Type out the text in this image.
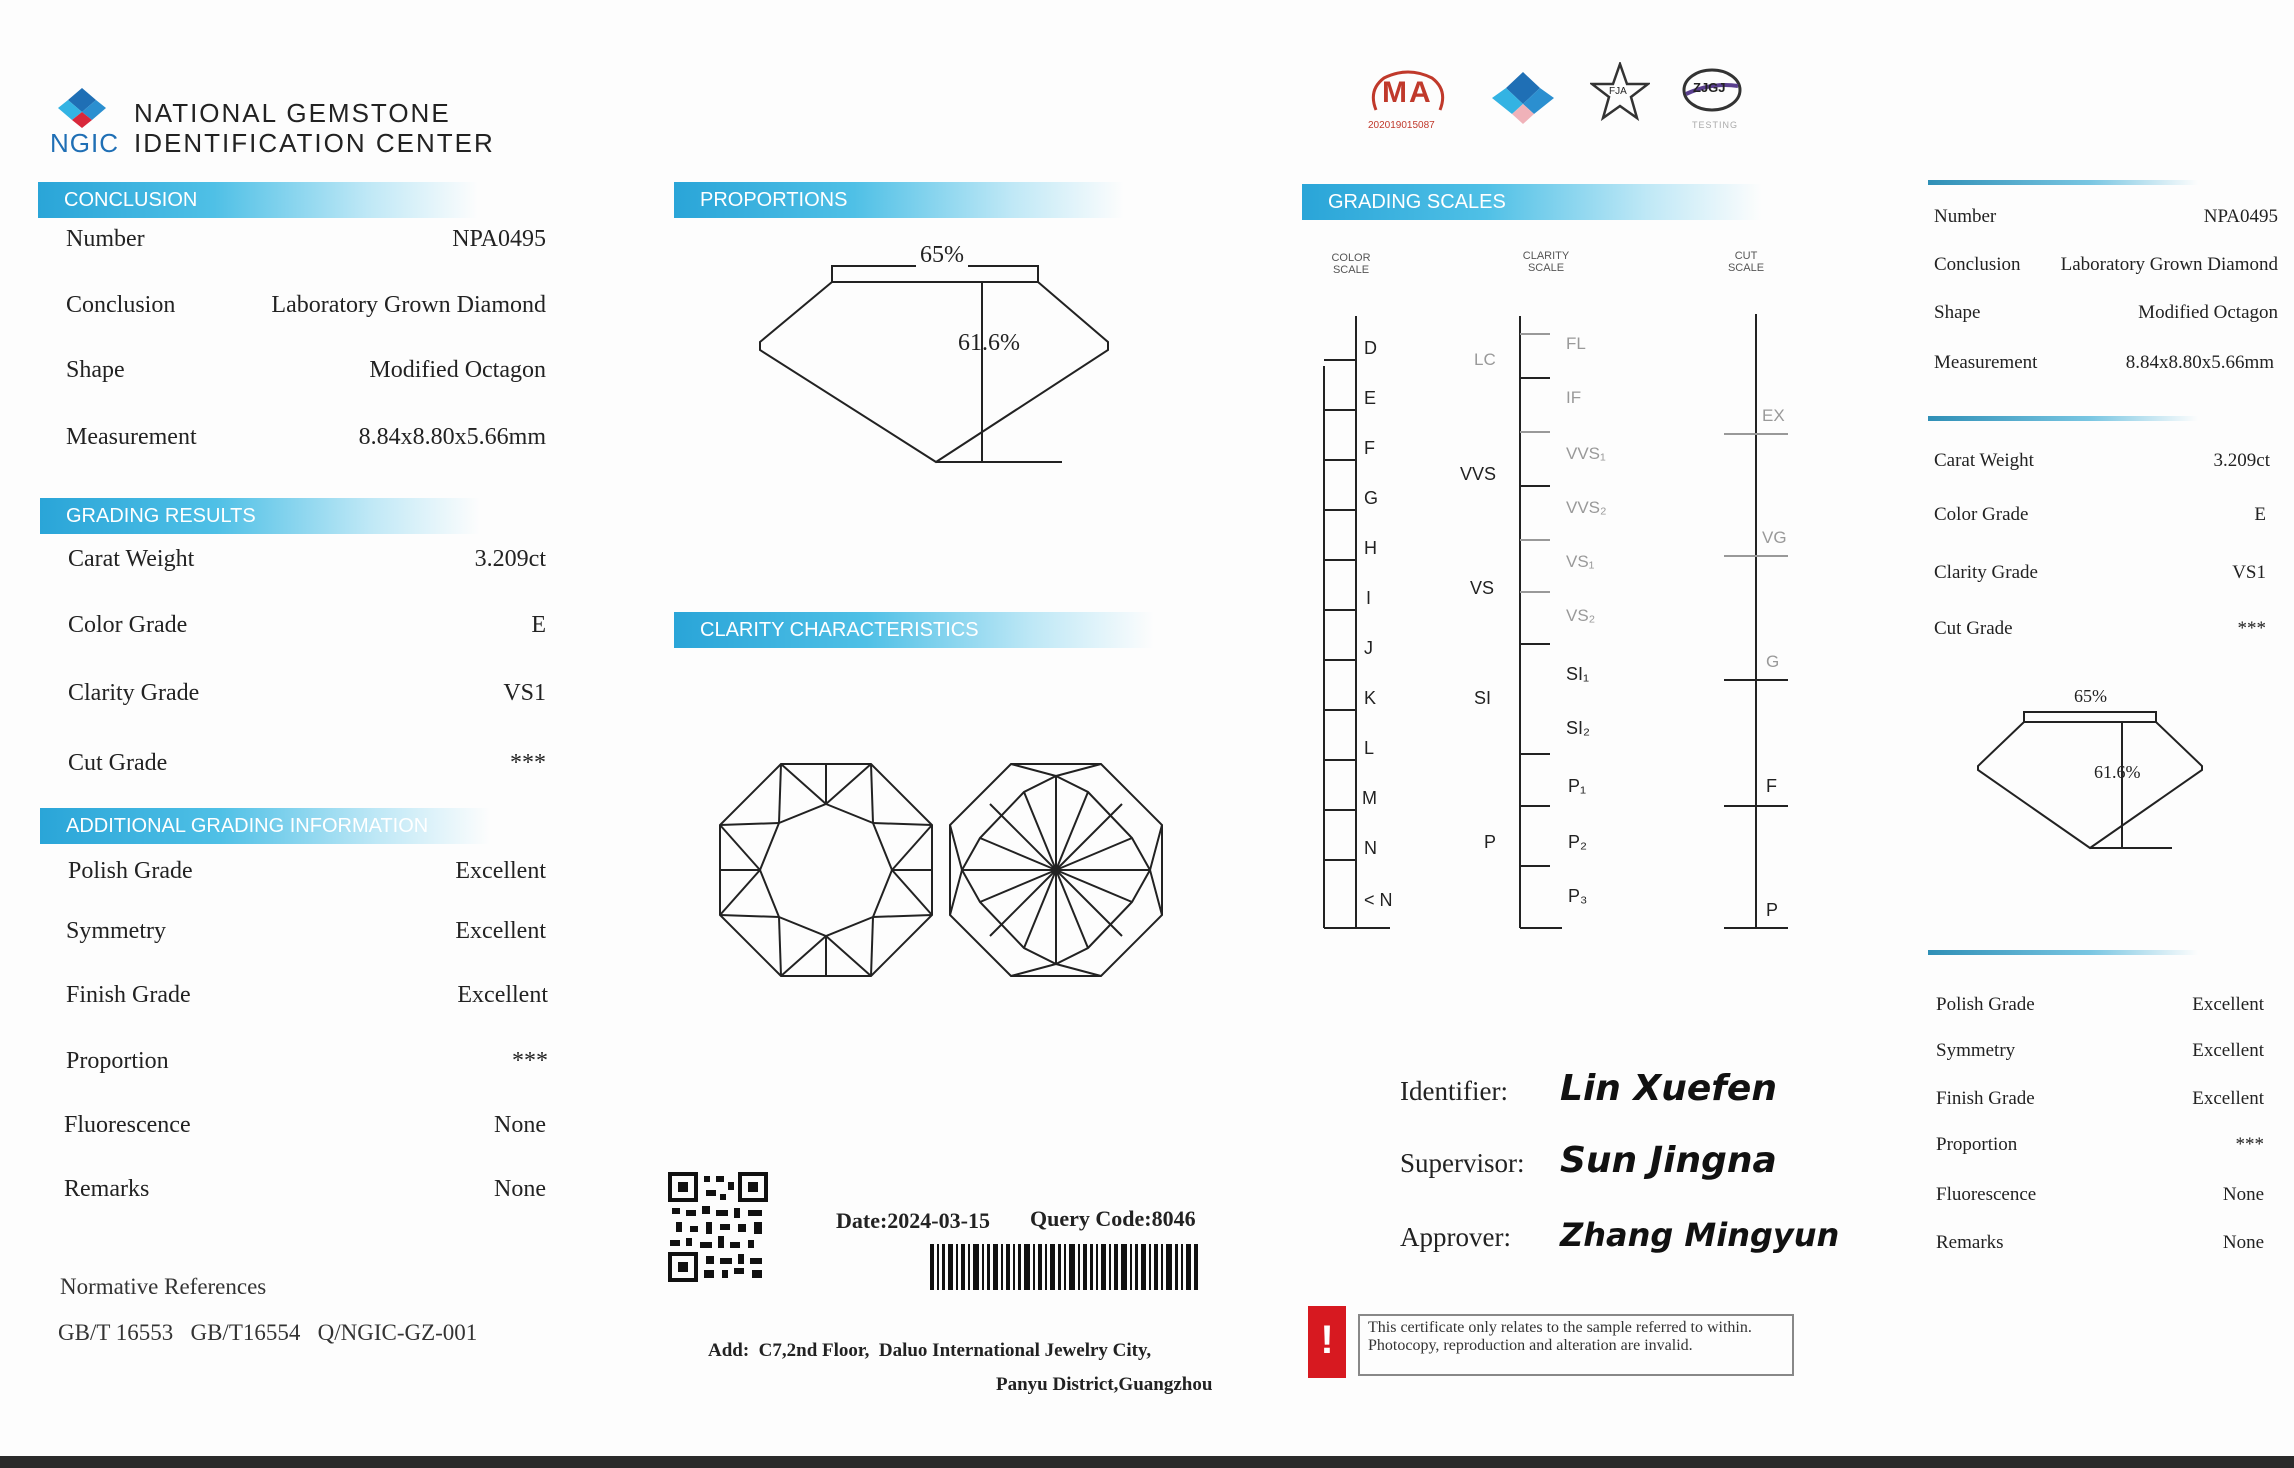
NGIC
NATIONAL GEMSTONE
IDENTIFICATION CENTER
CONCLUSION
Number	NPA0495
Conclusion	Laboratory Grown Diamond
Shape	Modified Octagon
Measurement	8.84x8.80x5.66mm
GRADING RESULTS
Carat Weight	3.209ct
Color Grade	E
Clarity Grade	VS1
Cut Grade	***
ADDITIONAL GRADING INFORMATION
Polish Grade	Excellent
Symmetry	Excellent
Finish Grade	Excellent
Proportion	***
Fluorescence	None
Remarks	None
Normative References
GB/T 16553   GB/T16554   Q/NGIC-GZ-001
PROPORTIONS
65%
61.6%
CLARITY CHARACTERISTICS
Date:2024-03-15 Query Code:8046
Add:  C7,2nd Floor,  Daluo International Jewelry City,
Panyu District,Guangzhou
MA
202019015087
FJA	ZJGJ
TESTING
GRADING SCALES
COLOR
SCALE
CLARITY
SCALE
CUT
SCALE
D
E
F
G
H
I
J
K
L
M
N
< N
LC
VVS
VS
SI
P
FL
IF
VVS₁
VVS₂
VS₁
VS₂
SI₁
SI₂
P₁
P₂
P₃
EX
VG
G
F
P
Identifier: Lin Xuefen
Supervisor: Sun Jingna
Approver: Zhang Mingyun
!	This certificate only relates to the sample referred to within. Photocopy, reproduction and alteration are invalid.
Number	NPA0495
Conclusion Laboratory Grown Diamond
Shape	Modified Octagon
Measurement	8.84x8.80x5.66mm
Carat Weight	3.209ct
Color Grade	E
Clarity Grade	VS1
Cut Grade	***
65%
61.6%
Polish Grade	Excellent
Symmetry	Excellent
Finish Grade	Excellent
Proportion	***
Fluorescence	None
Remarks	None
